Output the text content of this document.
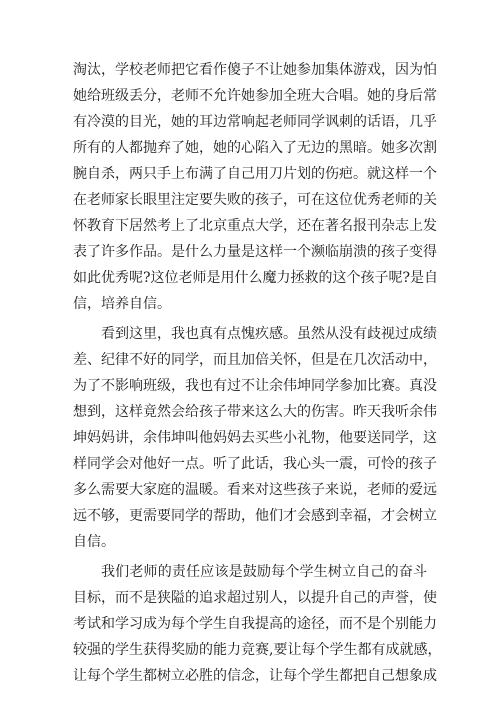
淘汰，学校老师把它看作傻子不让她参加集体游戏，因为怕
她给班级丢分，老师不允许她参加全班大合唱。她的身后常
有冷漠的目光，她的耳边常响起老师同学讽刺的话语，几乎
所有的人都抛弃了她，她的心陷入了无边的黑暗。她多次割
腕自杀，两只手上布满了自己用刀片划的伤疤。就这样一个
在老师家长眼里注定要失败的孩子，可在这位优秀老师的关
怀教育下居然考上了北京重点大学，还在著名报刊杂志上发
表了许多作品。是什么力量是这样一个濒临崩溃的孩子变得
如此优秀呢?这位老师是用什么魔力拯救的这个孩子呢?是自
信，培养自信。
看到这里，我也真有点愧疚感。虽然从没有歧视过成绩
差、纪律不好的同学，而且加倍关怀，但是在几次活动中，
为了不影响班级，我也有过不让余伟坤同学参加比赛。真没
想到，这样竟然会给孩子带来这么大的伤害。昨天我听余伟
坤妈妈讲，余伟坤叫他妈妈去买些小礼物，他要送同学，这
样同学会对他好一点。听了此话，我心头一震，可怜的孩子
多么需要大家庭的温暖。看来对这些孩子来说，老师的爱远
远不够，更需要同学的帮助，他们才会感到幸福，才会树立
自信。
我们老师的责任应该是鼓励每个学生树立自己的奋斗
目标，而不是狭隘的追求超过别人，以提升自己的声誉，使
考试和学习成为每个学生自我提高的途径，而不是个别能力
较强的学生获得奖励的能力竞赛,要让每个学生都有成就感，
让每个学生都树立必胜的信念，让每个学生都把自己想象成
